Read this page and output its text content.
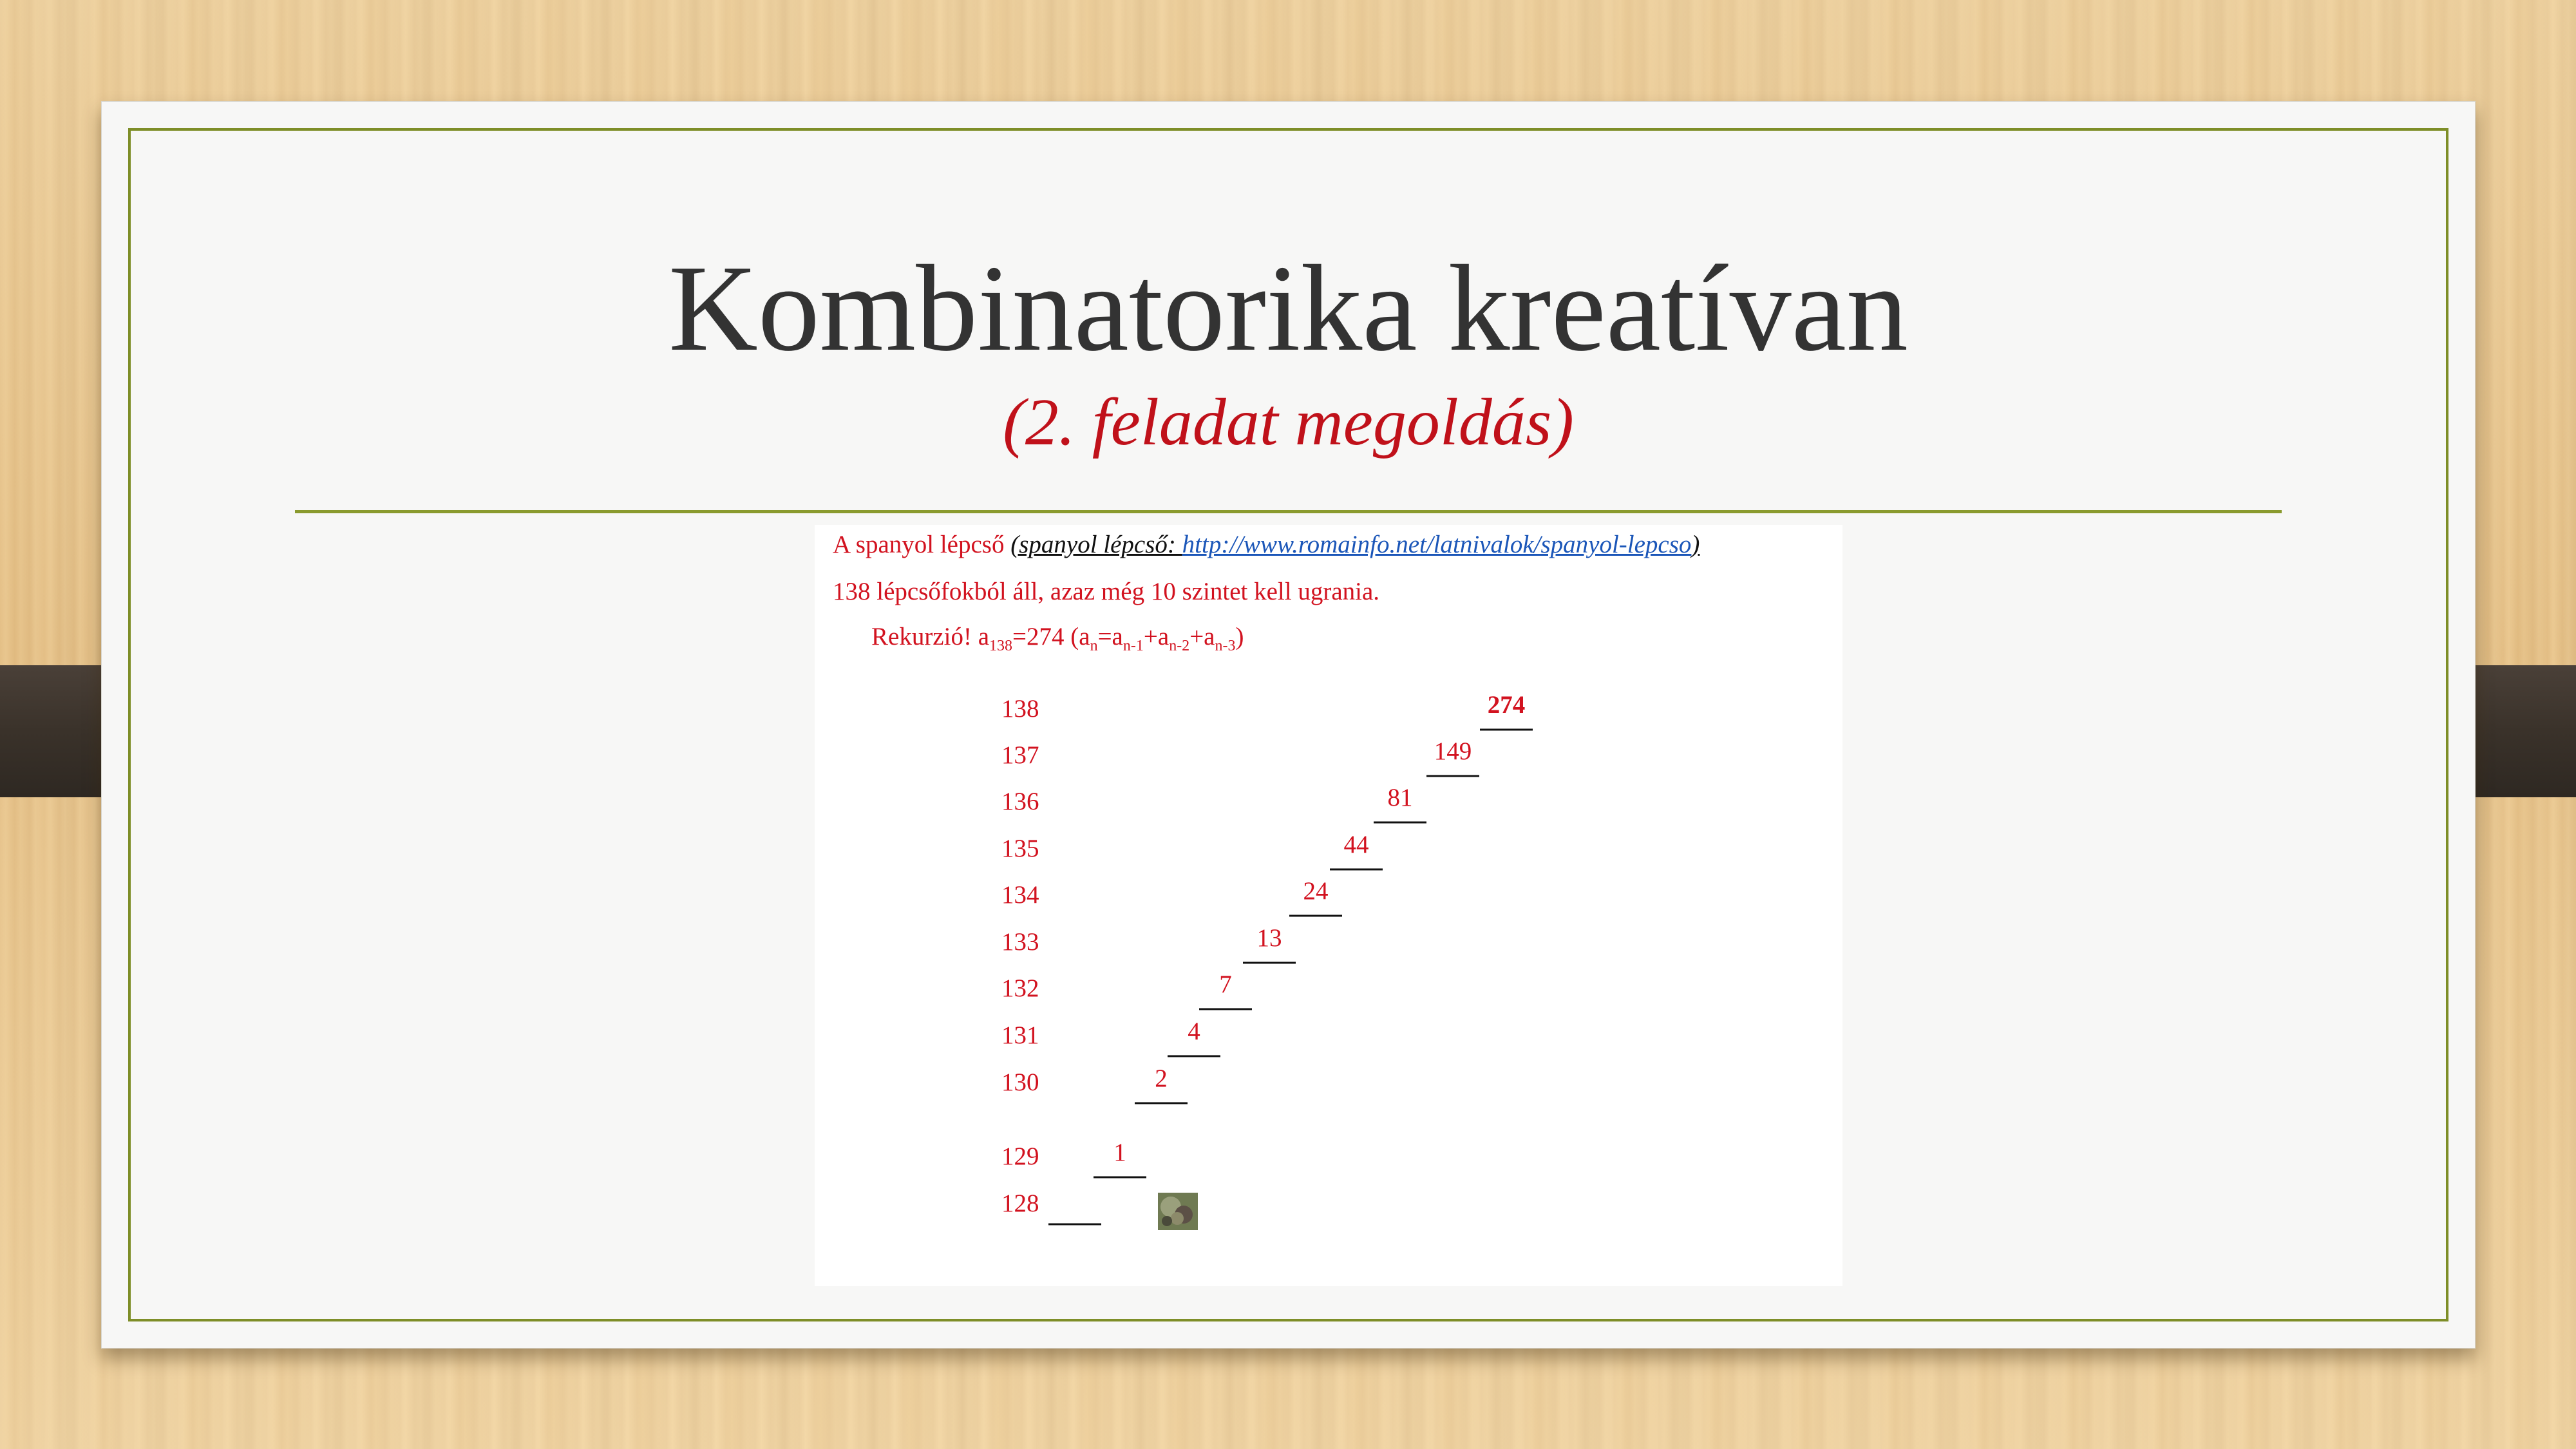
Kombinatorika kreatívan
(2. feladat megoldás)
A spanyol lépcső (spanyol lépcső: http://www.romainfo.net/latnivalok/spanyol-lepcso)
138 lépcsőfokból áll, azaz még 10 szintet kell ugrania.
Rekurzió! $a_{138}=274$ $(a_n=a_{n-1}+a_{n-2}+a_{n-3})$
128
129	1
130	2
131	4
132	7
133	13
134	24
135	44
136	81
137	149
138	274
